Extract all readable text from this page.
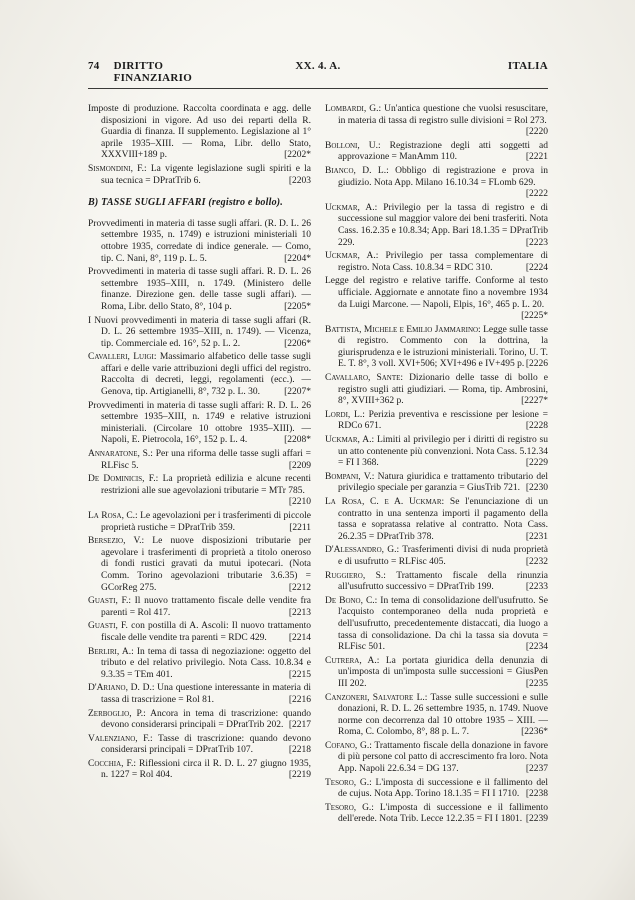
74 DIRITTO FINANZIARIO
XX. 4. A.	ITALIA
Imposte di produzione. Raccolta coordinata e agg. delle disposizioni in vigore. Ad uso dei reparti della R. Guardia di finanza. II supplemento. Legislazione al 1° aprile 1935–XIII. — Roma, Libr. dello Stato, XXXVIII+189 p.	[2202*
Sismondini, F.: La vigente legislazione sugli spiriti e la sua tecnica = DPratTrib 6.	[2203
B) TASSE SUGLI AFFARI (registro e bollo).
Provvedimenti in materia di tasse sugli affari. (R. D. L. 26 settembre 1935, n. 1749) e istruzioni ministeriali 10 ottobre 1935, corredate di indice generale. — Como, tip. C. Nani, 8°, 119 p. L. 5.	[2204*
Provvedimenti in materia di tasse sugli affari. R. D. L. 26 settembre 1935–XIII, n. 1749. (Ministero delle finanze. Direzione gen. delle tasse sugli affari). — Roma, Libr. dello Stato, 8°, 104 p.	[2205*
I Nuovi provvedimenti in materia di tasse sugli affari (R. D. L. 26 settembre 1935–XIII, n. 1749). — Vicenza, tip. Commerciale ed. 16°, 52 p. L. 2.	[2206*
Cavalleri, Luigi: Massimario alfabetico delle tasse sugli affari e delle varie attribuzioni degli uffici del registro. Raccolta di decreti, leggi, regolamenti (ecc.). — Genova, tip. Artigianelli, 8°, 732 p. L. 30.	[2207*
Provvedimenti in materia di tasse sugli affari: R. D. L. 26 settembre 1935–XIII, n. 1749 e relative istruzioni ministeriali. (Circolare 10 ottobre 1935–XIII). — Napoli, E. Pietrocola, 16°, 152 p. L. 4.	[2208*
Annaratone, S.: Per una riforma delle tasse sugli affari = RLFisc 5.	[2209
De Dominicis, F.: La proprietà edilizia e alcune recenti restrizioni alle sue agevolazioni tributarie = MTr 785.
[2210
La Rosa, C.: Le agevolazioni per i trasferimenti di piccole proprietà rustiche = DPratTrib 359.	[2211
Bersezio, V.: Le nuove disposizioni tributarie per agevolare i trasferimenti di proprietà a titolo oneroso di fondi rustici gravati da mutui ipotecari. (Nota Comm. Torino agevolazioni tributarie 3.6.35) = GCorReg 275.	[2212
Guasti, F.: Il nuovo trattamento fiscale delle vendite fra parenti = Rol 417.	[2213
Guasti, F. con postilla di A. Ascoli: Il nuovo trattamento fiscale delle vendite tra parenti = RDC 429. [2214
Berliri, A.: In tema di tassa di negoziazione: oggetto del tributo e del relativo privilegio. Nota Cass. 10.8.34 e 9.3.35 = TEm 401.	[2215
D'Ariano, D. D.: Una questione interessante in materia di tassa di trascrizione = Rol 81.	[2216
Zerboglio, P.: Ancora in tema di trascrizione: quando devono considerarsi principali = DPratTrib 202. [2217
Valenziano, F.: Tasse di trascrizione: quando devono considerarsi principali = DPratTrib 107.	[2218
Cocchia, F.: Riflessioni circa il R. D. L. 27 giugno 1935, n. 1227 = Rol 404.	[2219
Lombardi, G.: Un'antica questione che vuolsi resuscitare, in materia di tassa di registro sulle divisioni = Rol 273.
[2220
Bolloni, U.: Registrazione degli atti soggetti ad approvazione = ManAmm 110.	[2221
Bianco, D. L.: Obbligo di registrazione e prova in giudizio. Nota App. Milano 16.10.34 = FLomb 629.
[2222
Uckmar, A.: Privilegio per la tassa di registro e di successione sul maggior valore dei beni trasferiti. Nota Cass. 16.2.35 e 10.8.34; App. Bari 18.1.35 = DPratTrib 229.	[2223
Uckmar, A.: Privilegio per tassa complementare di registro. Nota Cass. 10.8.34 = RDC 310.	[2224
Legge del registro e relative tariffe. Conforme al testo ufficiale. Aggiornate e annotate fino a novembre 1934 da Luigi Marcone. — Napoli, Elpis, 16°, 465 p. L. 20.
[2225*
Battista, Michele e Emilio Jammarino: Legge sulle tasse di registro. Commento con la dottrina, la giurisprudenza e le istruzioni ministeriali. Torino, U. T. E. T. 8°, 3 voll. XVI+506; XVI+496 e IV+495 p. [2226
Cavallaro, Sante: Dizionario delle tasse di bollo e registro sugli atti giudiziari. — Roma, tip. Ambrosini, 8°, XVIII+362 p.	[2227*
Lordi, L.: Perizia preventiva e rescissione per lesione = RDCo 671.	[2228
Uckmar, A.: Limiti al privilegio per i diritti di registro su un atto contenente più convenzioni. Nota Cass. 5.12.34 = FI I 368.	[2229
Bompani, V.: Natura giuridica e trattamento tributario del privilegio speciale per garanzia = GiusTrib 721. [2230
La Rosa, C. e A. Uckmar: Se l'enunciazione di un contratto in una sentenza importi il pagamento della tassa e sopratassa relative al contratto. Nota Cass. 26.2.35 = DPratTrib 378.	[2231
D'Alessandro, G.: Trasferimenti divisi di nuda proprietà e di usufrutto = RLFisc 405.	[2232
Ruggiero, S.: Trattamento fiscale della rinunzia all'usufrutto successivo = DPratTrib 199.	[2233
De Bono, C.: In tema di consolidazione dell'usufrutto. Se l'acquisto contemporaneo della nuda proprietà e dell'usufrutto, precedentemente distaccati, dia luogo a tassa di consolidazione. Da chi la tassa sia dovuta = RLFisc 501.	[2234
Cutrera, A.: La portata giuridica della denunzia di un'imposta di un'imposta sulle successioni = GiusPen III 202.	[2235
Canzoneri, Salvatore L.: Tasse sulle successioni e sulle donazioni, R. D. L. 26 settembre 1935, n. 1749. Nuove norme con decorrenza dal 10 ottobre 1935 – XIII. — Roma, C. Colombo, 8°, 88 p. L. 7.	[2236*
Cofano, G.: Trattamento fiscale della donazione in favore di più persone col patto di accrescimento fra loro. Nota App. Napoli 22.6.34 = DG 137.	[2237
Tesoro, G.: L'imposta di successione e il fallimento del de cujus. Nota App. Torino 18.1.35 = FI I 1710. [2238
Tesoro, G.: L'imposta di successione e il fallimento dell'erede. Nota Trib. Lecce 12.2.35 = FI I 1801. [2239
